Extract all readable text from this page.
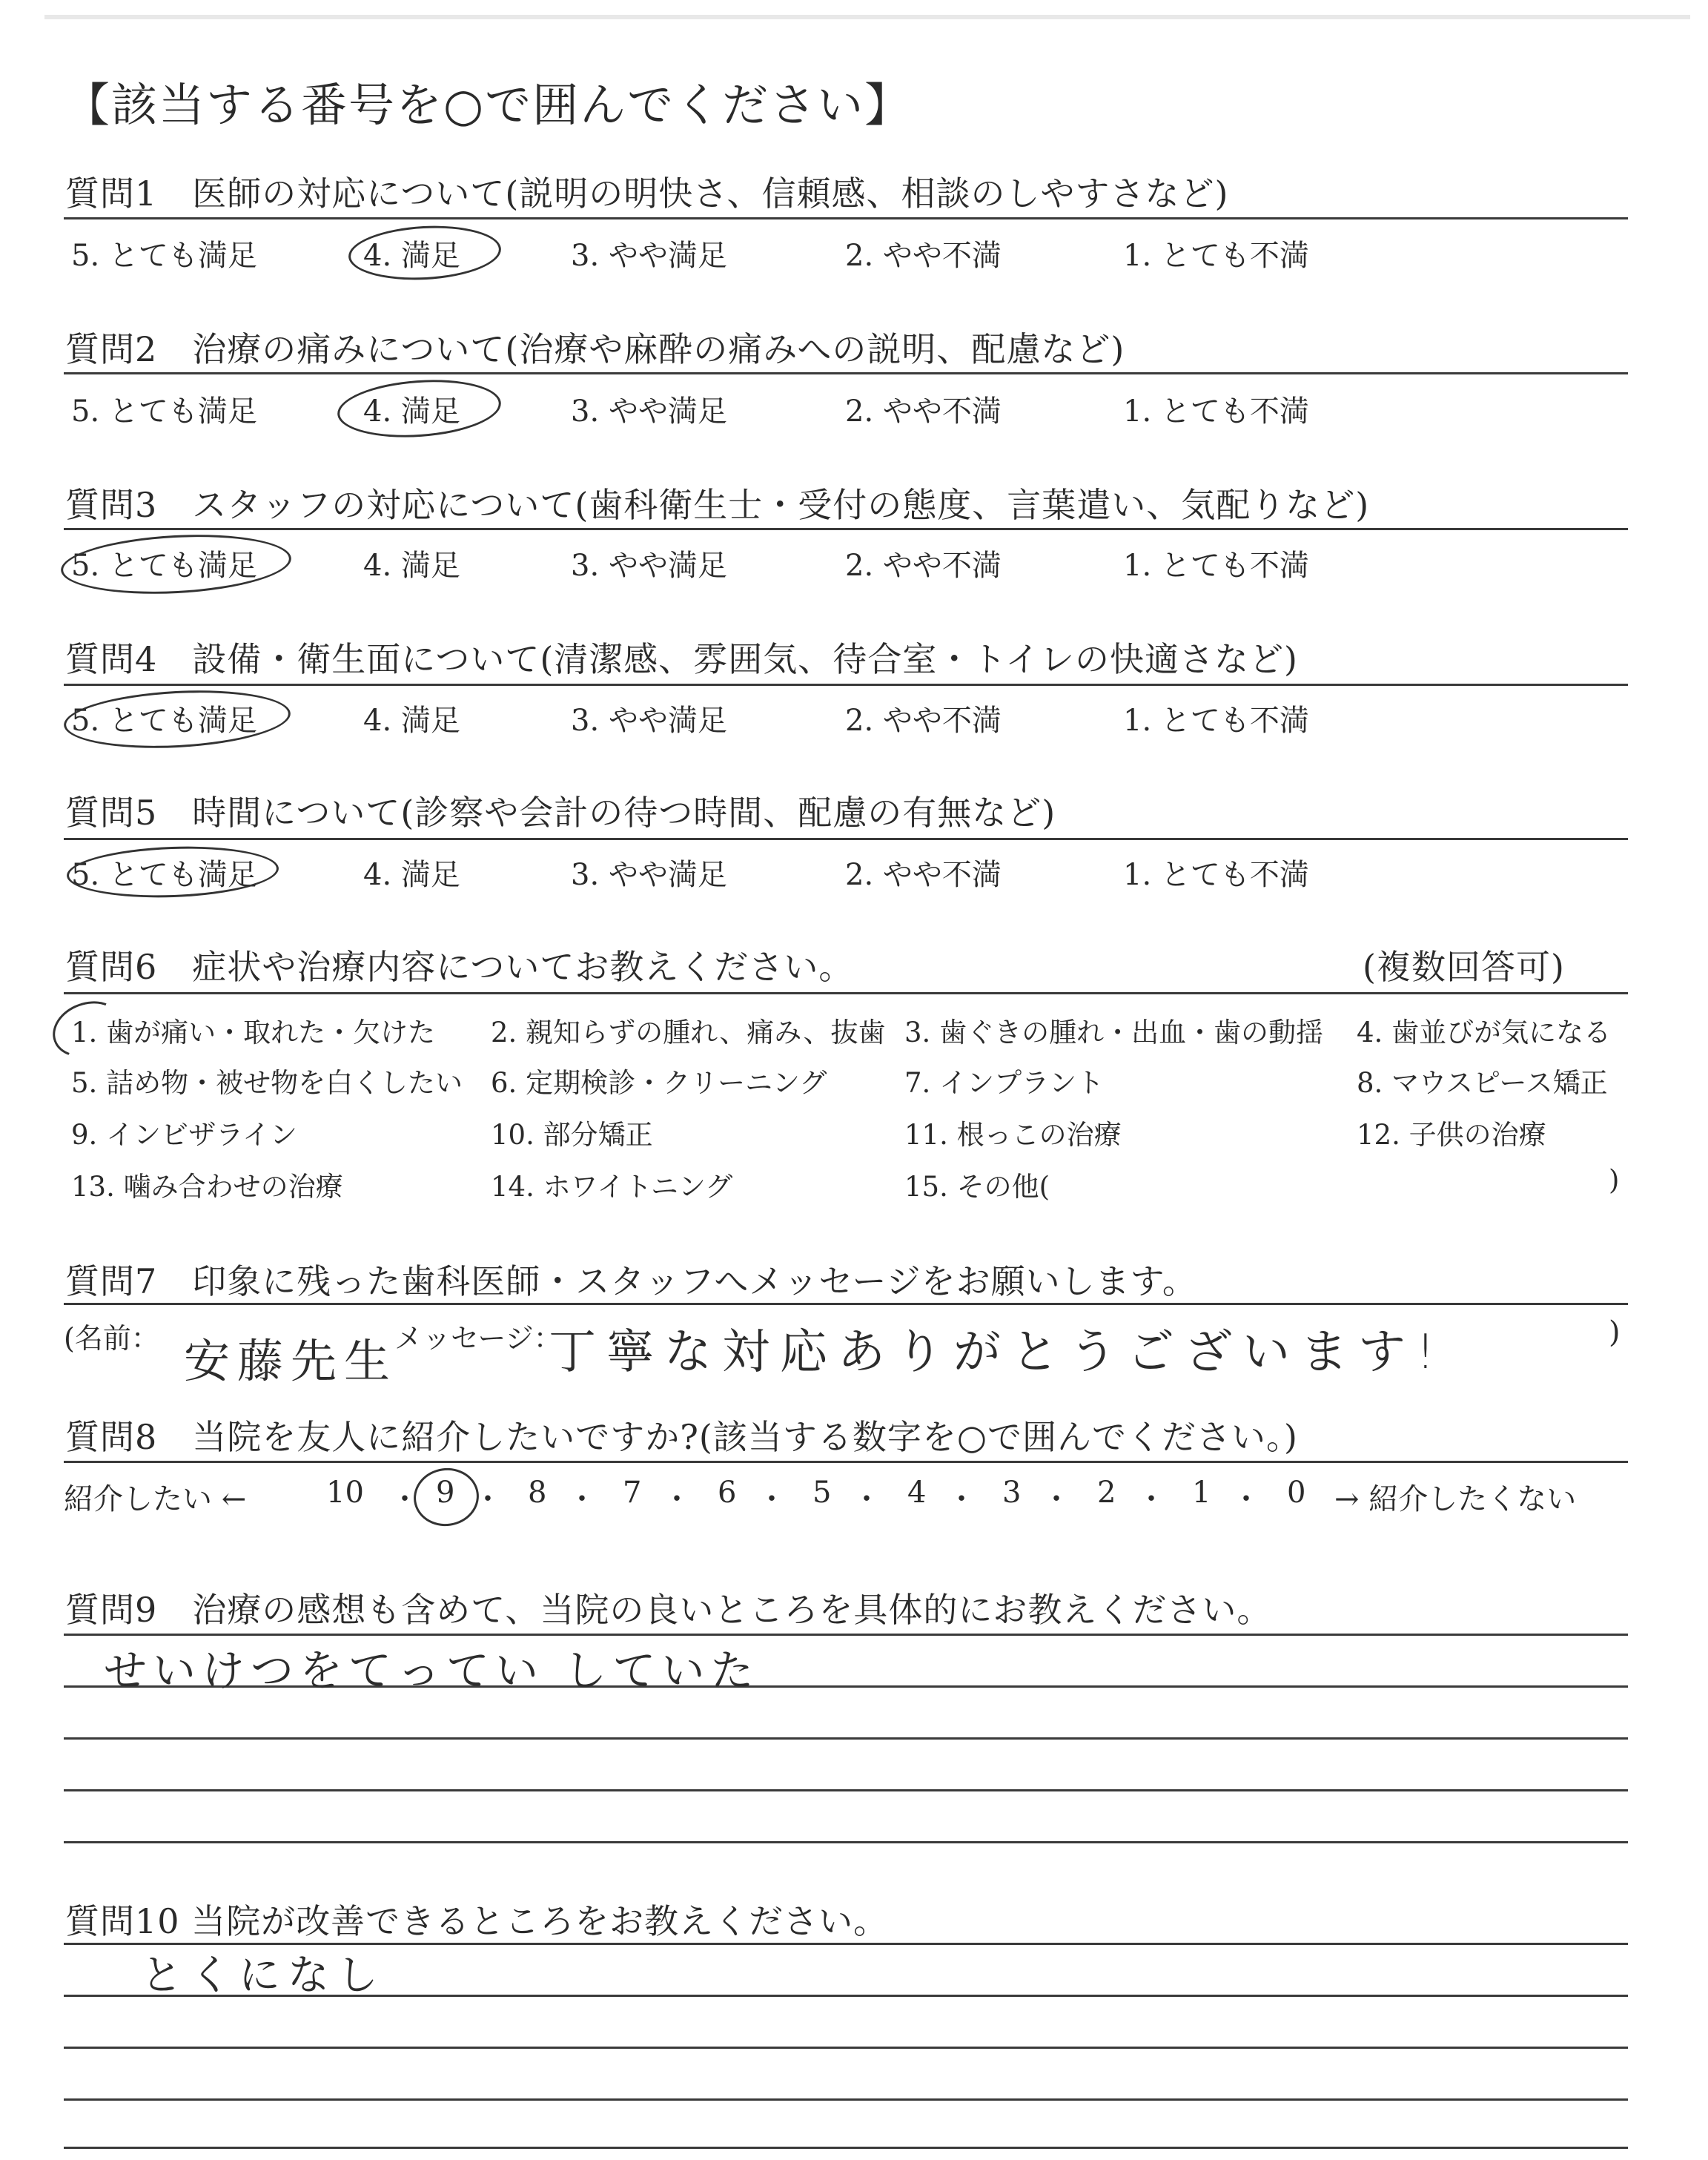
【該当する番号を○で囲んでください】
質問1　医師の対応について(説明の明快さ、信頼感、相談のしやすさなど)
5. とても満足	4. 満足	3. やや満足	2. やや不満	1. とても不満
質問2　治療の痛みについて(治療や麻酔の痛みへの説明、配慮など)
5. とても満足	4. 満足	3. やや満足	2. やや不満	1. とても不満
質問3　スタッフの対応について(歯科衛生士・受付の態度、言葉遣い、気配りなど)
5. とても満足	4. 満足	3. やや満足	2. やや不満	1. とても不満
質問4　設備・衛生面について(清潔感、雰囲気、待合室・トイレの快適さなど)
5. とても満足	4. 満足	3. やや満足	2. やや不満	1. とても不満
質問5　時間について(診察や会計の待つ時間、配慮の有無など)
5. とても満足	4. 満足	3. やや満足	2. やや不満	1. とても不満
質問6　症状や治療内容についてお教えください。	(複数回答可)
1. 歯が痛い・取れた・欠けた 2. 親知らずの腫れ、痛み、抜歯 3. 歯ぐきの腫れ・出血・歯の動揺 4. 歯並びが気になる
5. 詰め物・被せ物を白くしたい 6. 定期検診・クリーニング	7. インプラント	8. マウスピース矯正
9. インビザライン	10. 部分矯正	11. 根っこの治療	12. 子供の治療
13. 噛み合わせの治療	14. ホワイトニング	15. その他(	)
質問7　印象に残った歯科医師・スタッフへメッセージをお願いします。
(名前： 安藤先生
メッセージ：
丁寧な対応ありがとうございます!	)
質問8　当院を友人に紹介したいですか?(該当する数字を○で囲んでください。)
紹介したい ←	→ 紹介したくない
10 ・ 9 ・ 8 ・ 7 ・ 6 ・ 5 ・ 4 ・ 3 ・ 2 ・ 1 ・ 0
質問9　治療の感想も含めて、当院の良いところを具体的にお教えください。
せいけつをてってい していた
質問10 当院が改善できるところをお教えください。
とくになし
